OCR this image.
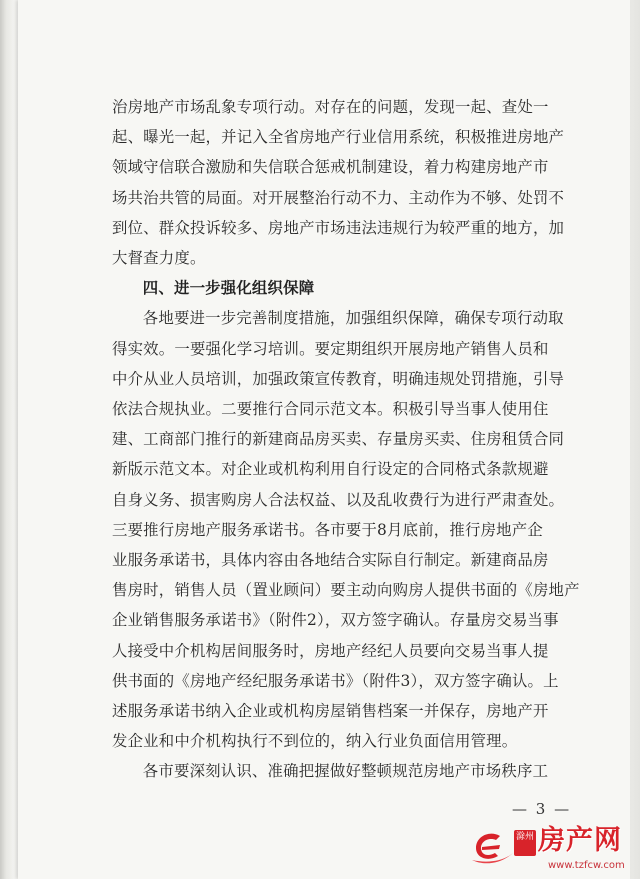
治房地产市场乱象专项行动。对存在的问题，发现一起、查处一
起、曝光一起，并记入全省房地产行业信用系统，积极推进房地产
领域守信联合激励和失信联合惩戒机制建设，着力构建房地产市
场共治共管的局面。对开展整治行动不力、主动作为不够、处罚不
到位、群众投诉较多、房地产市场违法违规行为较严重的地方，加
大督查力度。

四、进一步强化组织保障

各地要进一步完善制度措施，加强组织保障，确保专项行动取
得实效。一要强化学习培训。要定期组织开展房地产销售人员和
中介从业人员培训，加强政策宣传教育，明确违规处罚措施，引导
依法合规执业。二要推行合同示范文本。积极引导当事人使用住
建、工商部门推行的新建商品房买卖、存量房买卖、住房租赁合同
新版示范文本。对企业或机构利用自行设定的合同格式条款规避
自身义务、损害购房人合法权益、以及乱收费行为进行严肃查处。
三要推行房地产服务承诺书。各市要于8月底前，推行房地产企
业服务承诺书，具体内容由各地结合实际自行制定。新建商品房
售房时，销售人员（置业顾问）要主动向购房人提供书面的《房地产
企业销售服务承诺书》（附件2），双方签字确认。存量房交易当事
人接受中介机构居间服务时，房地产经纪人员要向交易当事人提
供书面的《房地产经纪服务承诺书》（附件3），双方签字确认。上
述服务承诺书纳入企业或机构房屋销售档案一并保存，房地产开
发企业和中介机构执行不到位的，纳入行业负面信用管理。

各市要深刻认识、准确把握做好整顿规范房地产市场秩序工

— 3 —
滁州 房产网
www.tzfcw.com
